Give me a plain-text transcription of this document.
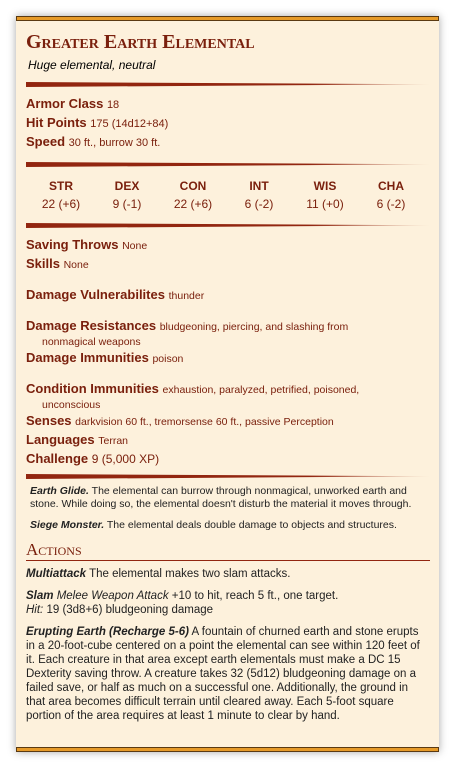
Greater Earth Elemental
Huge elemental, neutral
Armor Class 18
Hit Points 175 (14d12+84)
Speed 30 ft., burrow 30 ft.
STR
22 (+6)
DEX
9 (-1)
CON
22 (+6)
INT
6 (-2)
WIS
11 (+0)
CHA
6 (-2)
Saving Throws None
Skills None
Damage Vulnerabilites thunder
Damage Resistances bludgeoning, piercing, and slashing from
nonmagical weapons
Damage Immunities poison
Condition Immunities exhaustion, paralyzed, petrified, poisoned,
unconscious
Senses darkvision 60 ft., tremorsense 60 ft., passive Perception
Languages Terran
Challenge 9 (5,000 XP)
Earth Glide. The elemental can burrow through nonmagical, unworked earth and stone. While doing so, the elemental doesn't disturb the material it moves through.
Siege Monster. The elemental deals double damage to objects and structures.
Actions
Multiattack The elemental makes two slam attacks.
Slam Melee Weapon Attack +10 to hit, reach 5 ft., one target.
Hit: 19 (3d8+6) bludgeoning damage
Erupting Earth (Recharge 5-6) A fountain of churned earth and stone erupts in a 20-foot-cube centered on a point the elemental can see within 120 feet of it. Each creature in that area except earth elementals must make a DC 15 Dexterity saving throw. A creature takes 32 (5d12) bludgeoning damage on a failed save, or half as much on a successful one. Additionally, the ground in that area becomes difficult terrain until cleared away. Each 5-foot square portion of the area requires at least 1 minute to clear by hand.
